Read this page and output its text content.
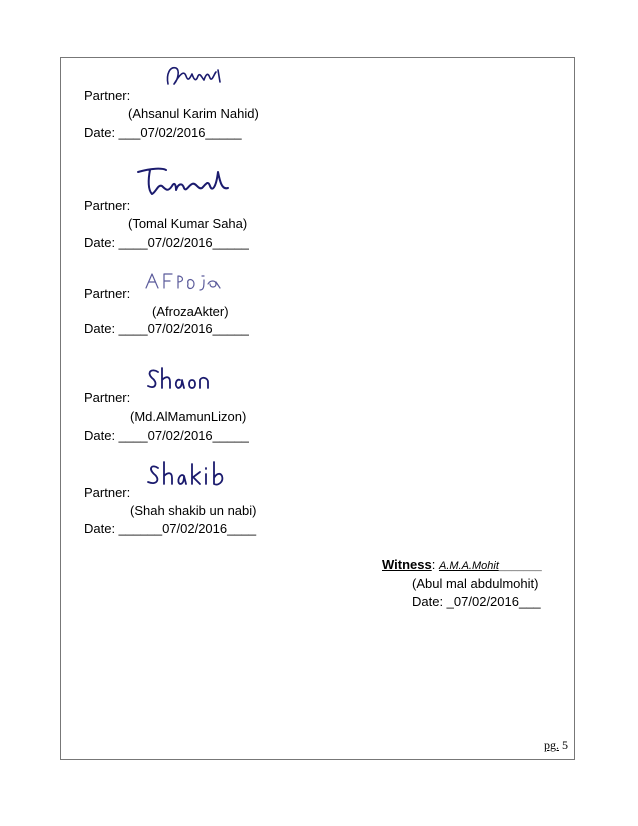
Partner:
(Ahsanul Karim Nahid)
Date: ___07/02/2016_____
Partner:
(Tomal Kumar Saha)
Date: ____07/02/2016_____
Partner:
(AfrozaAkter)
Date: ____07/02/2016_____
Partner:
(Md.AlMamunLizon)
Date: ____07/02/2016_____
Partner:
(Shah shakib un nabi)
Date: ______07/02/2016____
Witness: A.M.A.Mohit_______
(Abul mal abdulmohit)
Date: _07/02/2016___
pg. 5
